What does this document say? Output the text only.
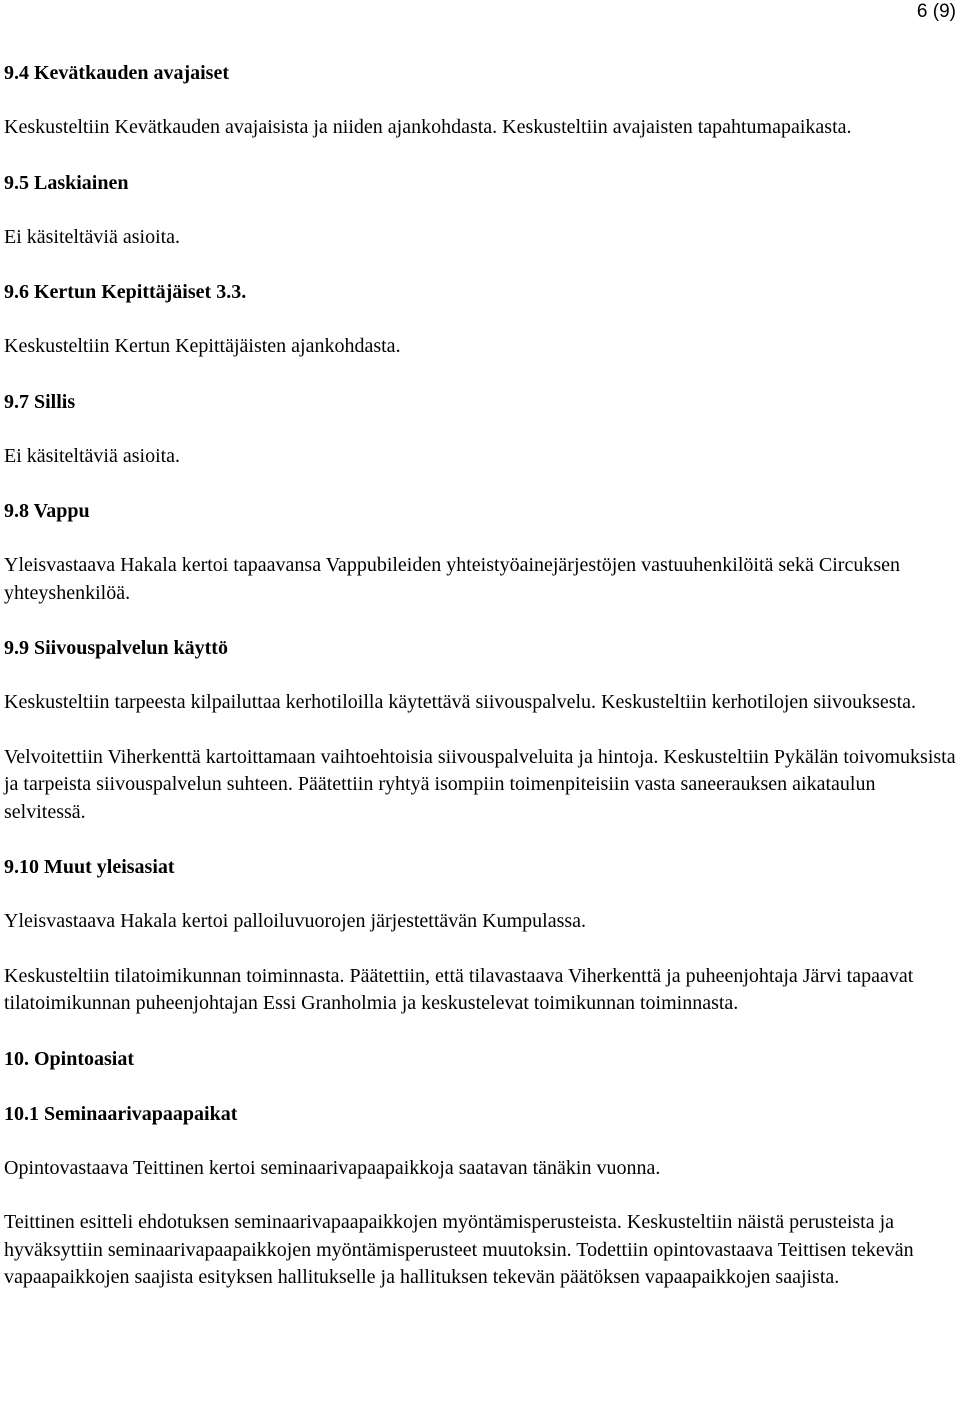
6 (9)
9.4 Kevätkauden avajaiset

Keskusteltiin Kevätkauden avajaisista ja niiden ajankohdasta. Keskusteltiin avajaisten tapahtumapaikasta.

9.5 Laskiainen

Ei käsiteltäviä asioita.

9.6 Kertun Kepittäjäiset 3.3.

Keskusteltiin Kertun Kepittäjäisten ajankohdasta.

9.7 Sillis

Ei käsiteltäviä asioita.

9.8 Vappu

Yleisvastaava Hakala kertoi tapaavansa Vappubileiden yhteistyöainejärjestöjen vastuuhenkilöitä sekä Circuksen yhteyshenkilöä.

9.9 Siivouspalvelun käyttö

Keskusteltiin tarpeesta kilpailuttaa kerhotiloilla käytettävä siivouspalvelu. Keskusteltiin kerhotilojen siivouksesta.

Velvoitettiin Viherkenttä kartoittamaan vaihtoehtoisia siivouspalveluita ja hintoja. Keskusteltiin Pykälän toivomuksista ja tarpeista siivouspalvelun suhteen. Päätettiin ryhtyä isompiin toimenpiteisiin vasta saneerauksen aikataulun selvitessä.

9.10 Muut yleisasiat

Yleisvastaava Hakala kertoi palloiluvuorojen järjestettävän Kumpulassa.

Keskusteltiin tilatoimikunnan toiminnasta. Päätettiin, että tilavastaava Viherkenttä ja puheenjohtaja Järvi tapaavat tilatoimikunnan puheenjohtajan Essi Granholmia ja keskustelevat toimikunnan toiminnasta.

10. Opintoasiat
10.1 Seminaarivapaapaikat

Opintovastaava Teittinen kertoi seminaarivapaapaikkoja saatavan tänäkin vuonna.

Teittinen esitteli ehdotuksen seminaarivapaapaikkojen myöntämisperusteista. Keskusteltiin näistä perusteista ja hyväksyttiin seminaarivapaapaikkojen myöntämisperusteet muutoksin. Todettiin opintovastaava Teittisen tekevän vapaapaikkojen saajista esityksen hallitukselle ja hallituksen tekevän päätöksen vapaapaikkojen saajista.
